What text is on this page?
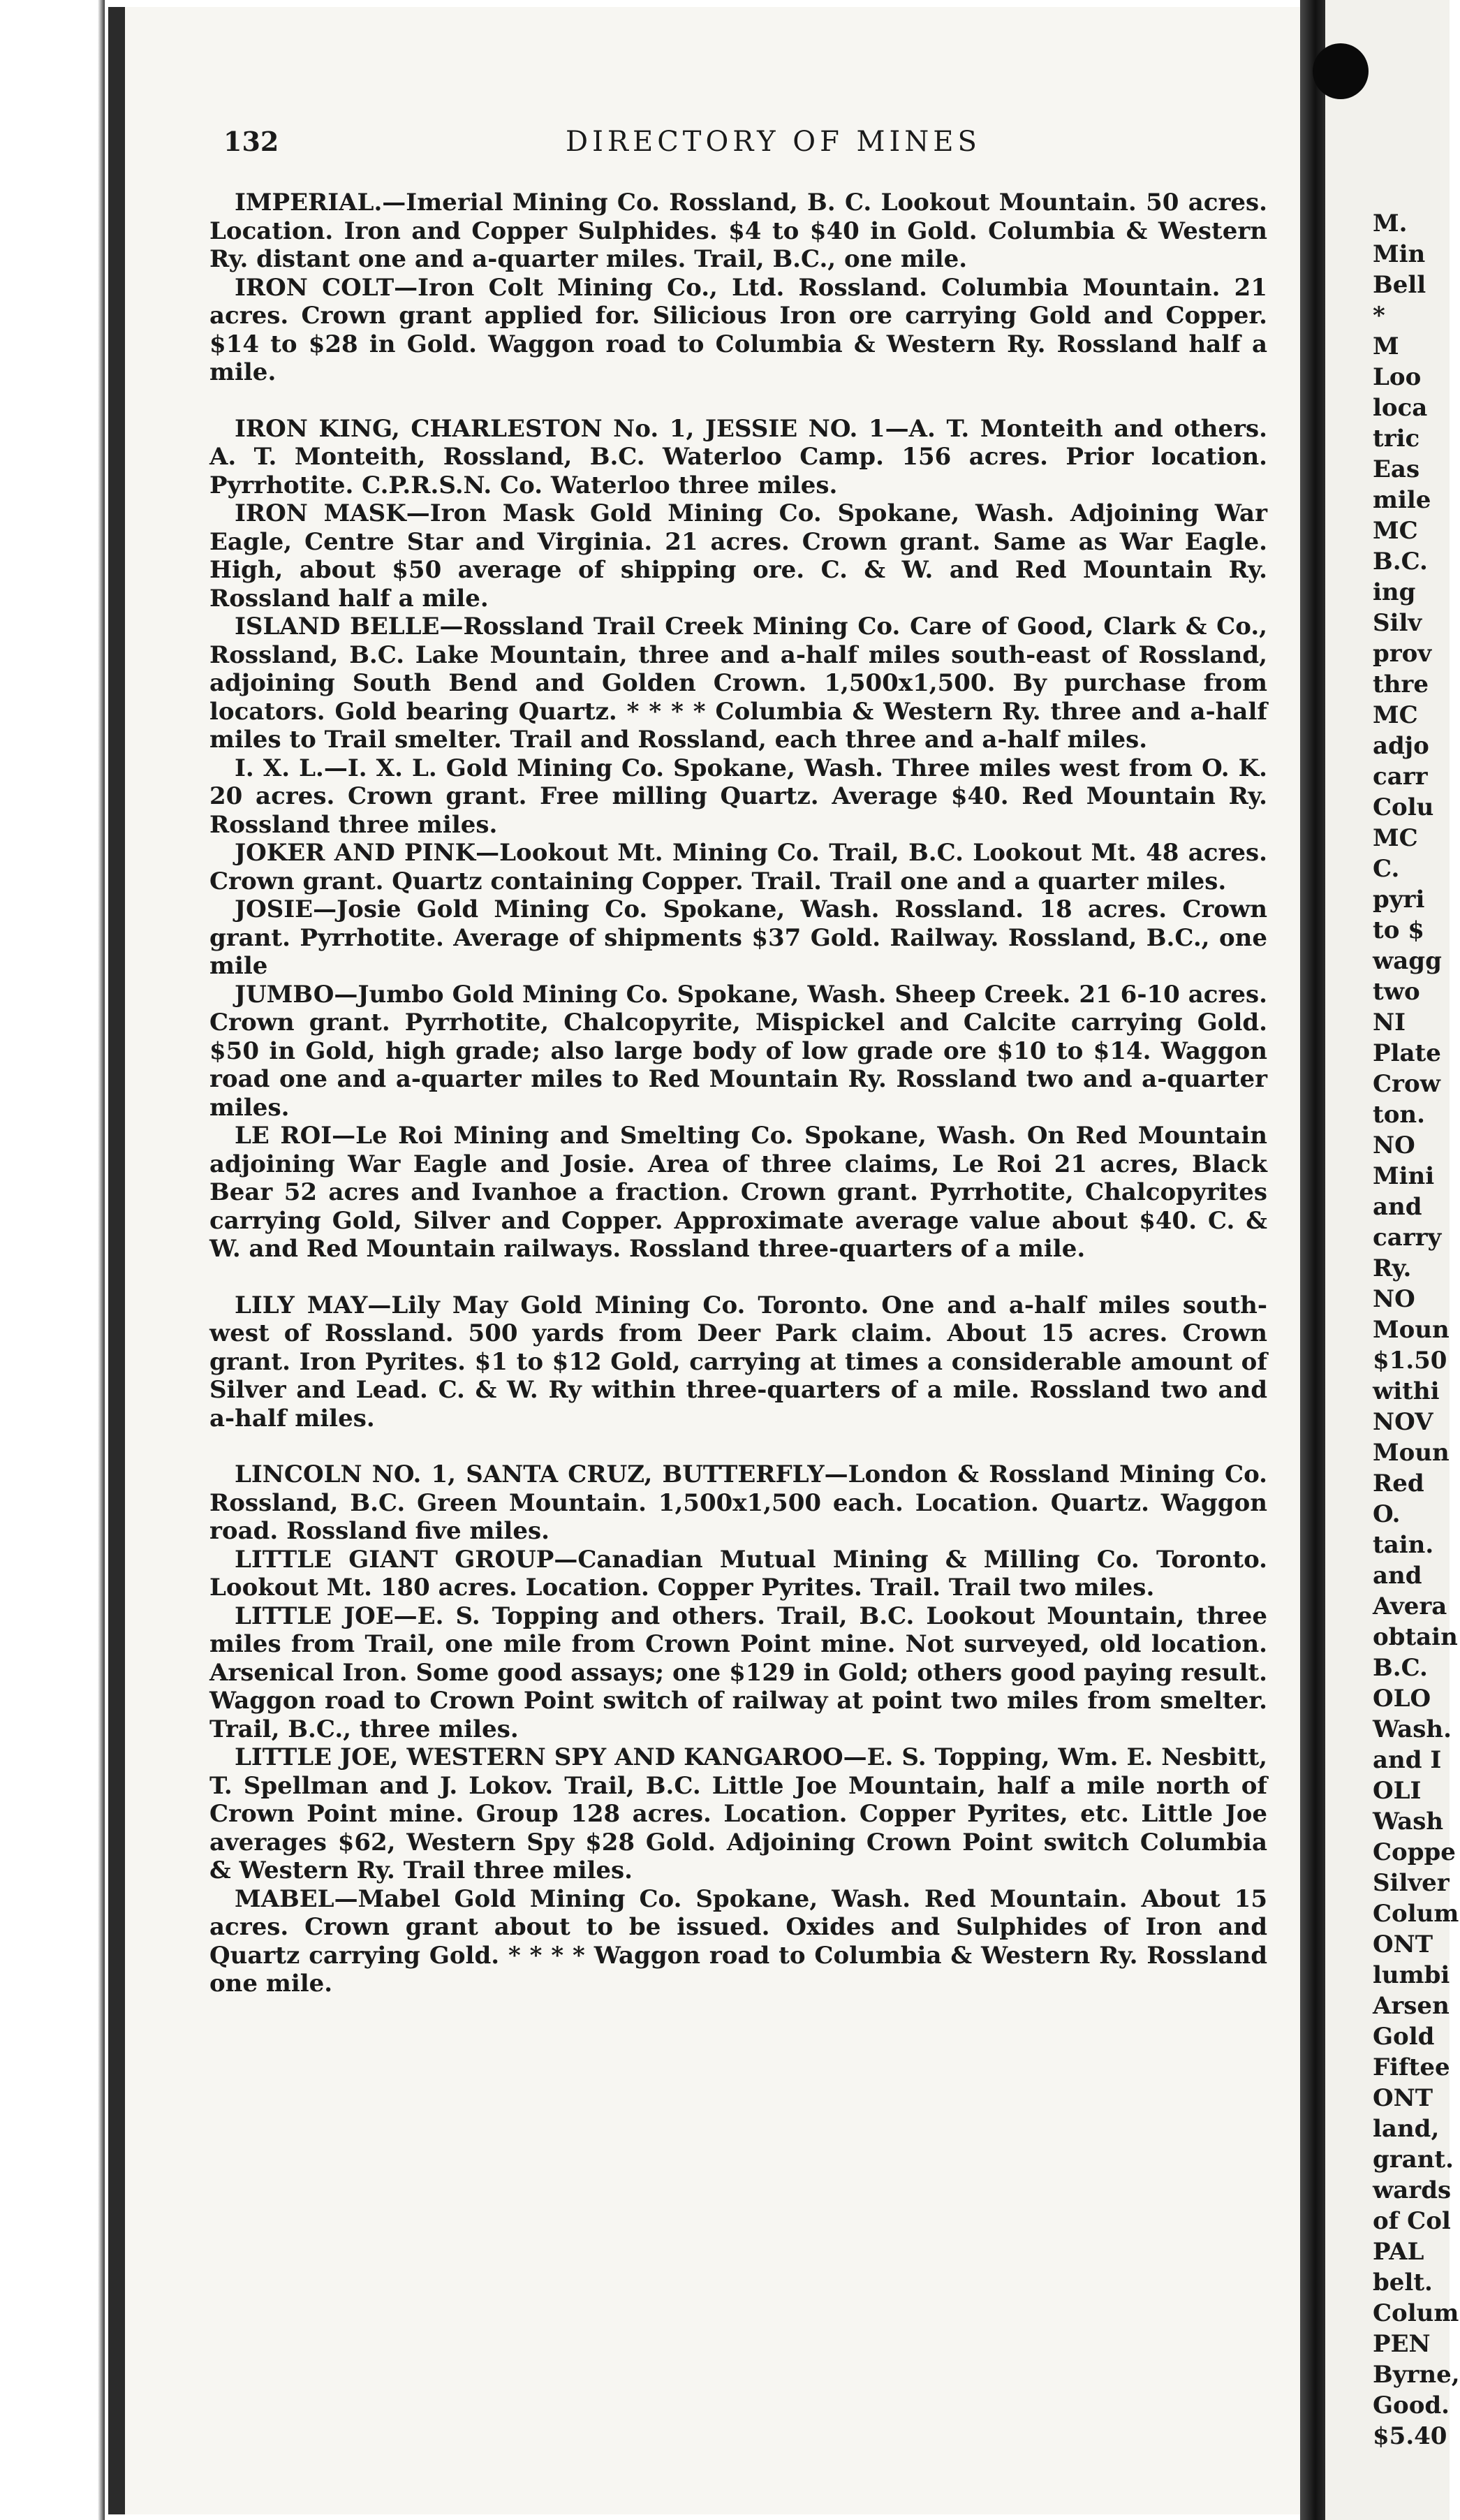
132	DIRECTORY OF MINES

IMPERIAL.—Imerial Mining Co. Rossland, B. C. Lookout Mountain. 50 acres. Location. Iron and Copper Sulphides. $4 to $40 in Gold. Columbia & Western Ry. distant one and a-quarter miles. Trail, B.C., one mile.

IRON COLT—Iron Colt Mining Co., Ltd. Rossland. Columbia Mountain. 21 acres. Crown grant applied for. Silicious Iron ore carrying Gold and Copper. $14 to $28 in Gold. Waggon road to Columbia & Western Ry. Rossland half a mile.

IRON KING, CHARLESTON No. 1, JESSIE NO. 1—A. T. Monteith and others. A. T. Monteith, Rossland, B.C. Waterloo Camp. 156 acres. Prior location. Pyrrhotite. C.P.R.S.N. Co. Waterloo three miles.

IRON MASK—Iron Mask Gold Mining Co. Spokane, Wash. Adjoining War Eagle, Centre Star and Virginia. 21 acres. Crown grant. Same as War Eagle. High, about $50 average of shipping ore. C. & W. and Red Mountain Ry. Rossland half a mile.

ISLAND BELLE—Rossland Trail Creek Mining Co. Care of Good, Clark & Co., Rossland, B.C. Lake Mountain, three and a-half miles south-east of Rossland, adjoining South Bend and Golden Crown. 1,500x1,500. By purchase from locators. Gold bearing Quartz. * * * * Columbia & Western Ry. three and a-half miles to Trail smelter. Trail and Rossland, each three and a-half miles.

I. X. L.—I. X. L. Gold Mining Co. Spokane, Wash. Three miles west from O. K. 20 acres. Crown grant. Free milling Quartz. Average $40. Red Mountain Ry. Rossland three miles.

JOKER AND PINK—Lookout Mt. Mining Co. Trail, B.C. Lookout Mt. 48 acres. Crown grant. Quartz containing Copper. Trail. Trail one and a quarter miles.

JOSIE—Josie Gold Mining Co. Spokane, Wash. Rossland. 18 acres. Crown grant. Pyrrhotite. Average of shipments $37 Gold. Railway. Rossland, B.C., one mile

JUMBO—Jumbo Gold Mining Co. Spokane, Wash. Sheep Creek. 21 6-10 acres. Crown grant. Pyrrhotite, Chalcopyrite, Mispickel and Calcite carrying Gold. $50 in Gold, high grade; also large body of low grade ore $10 to $14. Waggon road one and a-quarter miles to Red Mountain Ry. Rossland two and a-quarter miles.

LE ROI—Le Roi Mining and Smelting Co. Spokane, Wash. On Red Mountain adjoining War Eagle and Josie. Area of three claims, Le Roi 21 acres, Black Bear 52 acres and Ivanhoe a fraction. Crown grant. Pyrrhotite, Chalcopyrites carrying Gold, Silver and Copper. Approximate average value about $40. C. & W. and Red Mountain railways. Rossland three-quarters of a mile.

LILY MAY—Lily May Gold Mining Co. Toronto. One and a-half miles south-west of Rossland. 500 yards from Deer Park claim. About 15 acres. Crown grant. Iron Pyrites. $1 to $12 Gold, carrying at times a considerable amount of Silver and Lead. C. & W. Ry within three-quarters of a mile. Rossland two and a-half miles.

LINCOLN NO. 1, SANTA CRUZ, BUTTERFLY—London & Rossland Mining Co. Rossland, B.C. Green Mountain. 1,500x1,500 each. Location. Quartz. Waggon road. Rossland five miles.

LITTLE GIANT GROUP—Canadian Mutual Mining & Milling Co. Toronto. Lookout Mt. 180 acres. Location. Copper Pyrites. Trail. Trail two miles.

LITTLE JOE—E. S. Topping and others. Trail, B.C. Lookout Mountain, three miles from Trail, one mile from Crown Point mine. Not surveyed, old location. Arsenical Iron. Some good assays; one $129 in Gold; others good paying result. Waggon road to Crown Point switch of railway at point two miles from smelter. Trail, B.C., three miles.

LITTLE JOE, WESTERN SPY AND KANGAROO—E. S. Topping, Wm. E. Nesbitt, T. Spellman and J. Lokov. Trail, B.C. Little Joe Mountain, half a mile north of Crown Point mine. Group 128 acres. Location. Copper Pyrites, etc. Little Joe averages $62, Western Spy $28 Gold. Adjoining Crown Point switch Columbia & Western Ry. Trail three miles.

MABEL—Mabel Gold Mining Co. Spokane, Wash. Red Mountain. About 15 acres. Crown grant about to be issued. Oxides and Sulphides of Iron and Quartz carrying Gold. * * * * Waggon road to Columbia & Western Ry. Rossland one mile.

M.
Min
Bell
*
M
Loo
loca
tric
Eas
mile
MC
B.C.
ing
Silv
prov
thre
MC
adjo
carr
Colu
MC
C.
pyri
to $
wagg
two
NI
Plate
Crow
ton.
NO
Mini
and
carry
Ry.
NO
Moun
$1.50
withi
NOV
Moun
Red
O.
tain.
and
Avera
obtain
B.C.
OLO
Wash.
and I
OLI
Wash
Coppe
Silver
Colum
ONT
lumbi
Arsen
Gold
Fiftee
ONT
land,
grant.
wards
of Col
PAL
belt.
Colum
PEN
Byrne,
Good.
$5.40
